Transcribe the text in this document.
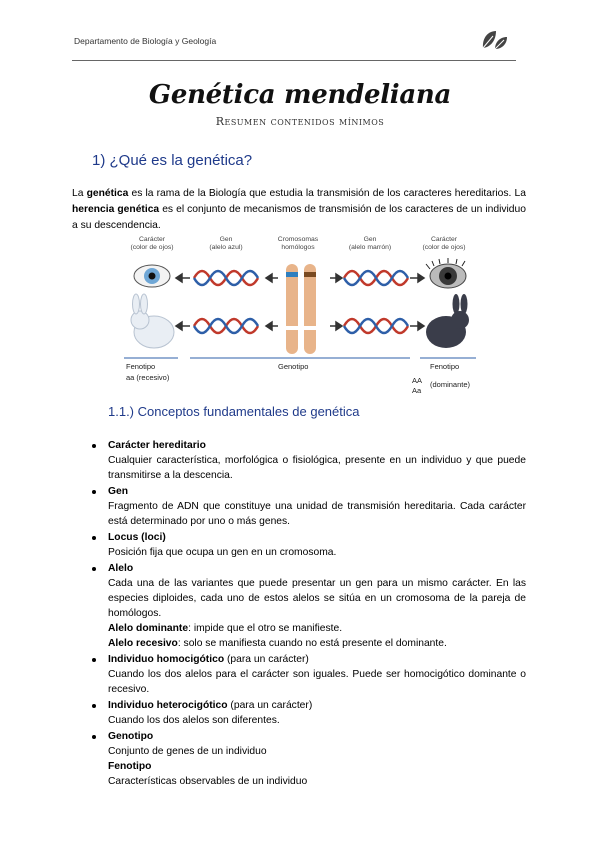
Departamento de Biología y Geología
Genética mendeliana
Resumen contenidos mínimos
1) ¿Qué es la genética?
La genética es la rama de la Biología que estudia la transmisión de los caracteres hereditarios. La herencia genética es el conjunto de mecanismos de transmisión de los caracteres de un individuo a su descendencia.
Carácter
(color de ojos)
Gen
(alelo azul)
Cromosomas
homólogos
Gen
(alelo marrón)
Carácter
(color de ojos)
Fenotipo
aa (recesivo)
Genotipo	Fenotipo
AA (dominante)
Aa
1.1.) Conceptos fundamentales de genética
Carácter hereditario
Cualquier característica, morfológica o fisiológica, presente en un individuo y que puede transmitirse a la descencia.
Gen
Fragmento de ADN que constituye una unidad de transmisión hereditaria. Cada carácter está determinado por uno o más genes.
Locus (loci)
Posición fija que ocupa un gen en un cromosoma.
Alelo
Cada una de las variantes que puede presentar un gen para un mismo carácter. En las especies diploides, cada uno de estos alelos se sitúa en un cromosoma de la pareja de homólogos.
Alelo dominante: impide que el otro se manifieste.
Alelo recesivo: solo se manifiesta cuando no está presente el dominante.
Individuo homocigótico (para un carácter)
Cuando los dos alelos para el carácter son iguales. Puede ser homocigótico dominante o recesivo.
Individuo heterocigótico (para un carácter)
Cuando los dos alelos son diferentes.
Genotipo
Conjunto de genes de un individuo
Fenotipo
Características observables de un individuo
